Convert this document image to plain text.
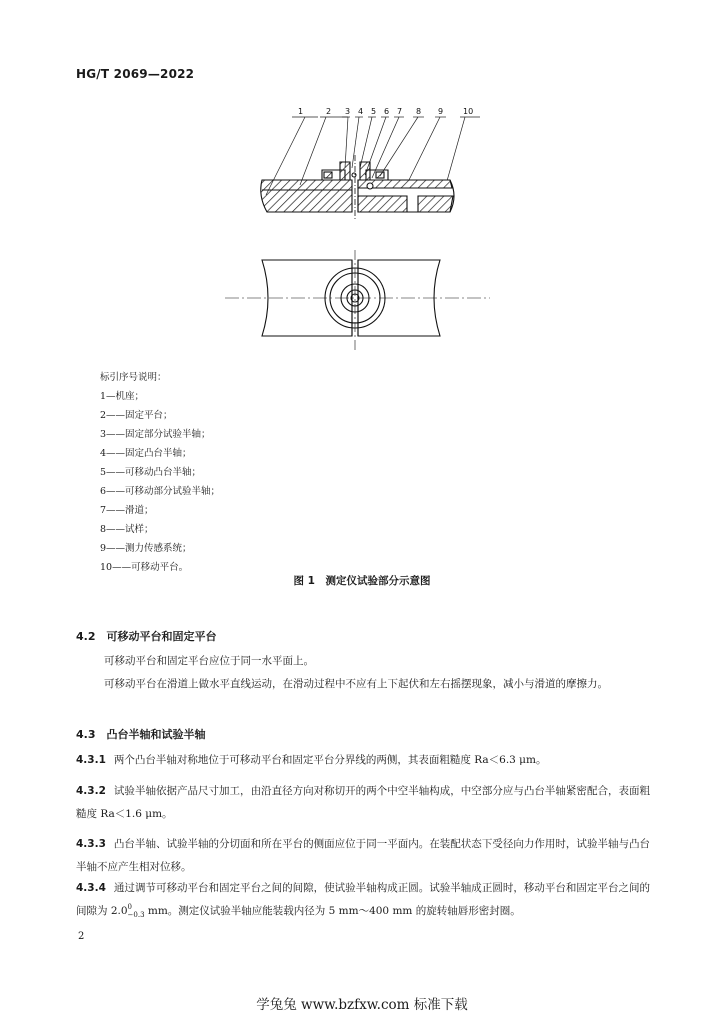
HG/T 2069—2022
1	2 3 4 5 6 7 8 9 10
标引序号说明：
1—机座；
2——固定平台；
3——固定部分试验半轴；
4——固定凸台半轴；
5——可移动凸台半轴；
6——可移动部分试验半轴；
7——滑道；
8——试样；
9——测力传感系统；
10——可移动平台。
图 1　测定仪试验部分示意图
4.2　可移动平台和固定平台
可移动平台和固定平台应位于同一水平面上。
可移动平台在滑道上做水平直线运动，在滑动过程中不应有上下起伏和左右摇摆现象，减小与滑道的摩擦力。
4.3　凸台半轴和试验半轴
4.3.1 两个凸台半轴对称地位于可移动平台和固定平台分界线的两侧，其表面粗糙度 Ra＜6.3 μm。
4.3.2 试验半轴依据产品尺寸加工，由沿直径方向对称切开的两个中空半轴构成，中空部分应与凸台半轴紧密配合，表面粗糙度 Ra＜1.6 μm。
4.3.3 凸台半轴、试验半轴的分切面和所在平台的侧面应位于同一平面内。在装配状态下受径向力作用时，试验半轴与凸台半轴不应产生相对位移。
4.3.4 通过调节可移动平台和固定平台之间的间隙，使试验半轴构成正圆。试验半轴成正圆时，移动平台和固定平台之间的间隙为 2.0 0
−0.3 mm。测定仪试验半轴应能装载内径为 5 mm～400 mm 的旋转轴唇形密封圈。
2
学兔兔 www.bzfxw.com 标准下载
